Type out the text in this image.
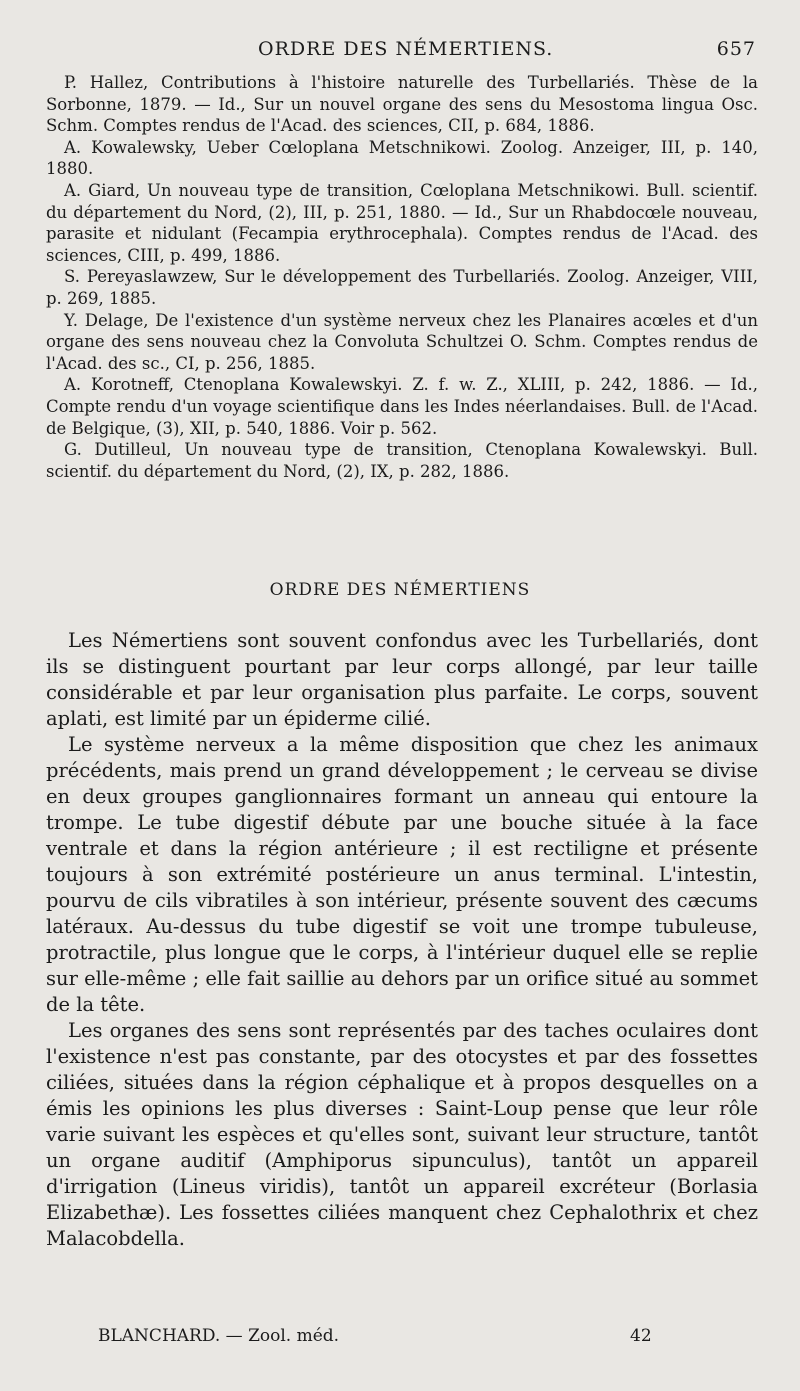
ORDRE DES NÉMERTIENS.	657

P. Hallez, Contributions à l'histoire naturelle des Turbellariés. Thèse de la Sorbonne, 1879. — Id., Sur un nouvel organe des sens du Mesostoma lingua Osc. Schm. Comptes rendus de l'Acad. des sciences, CII, p. 684, 1886.

A. Kowalewsky, Ueber Cœloplana Metschnikowi. Zoolog. Anzeiger, III, p. 140, 1880.

A. Giard, Un nouveau type de transition, Cœloplana Metschnikowi. Bull. scientif. du département du Nord, (2), III, p. 251, 1880. — Id., Sur un Rhabdocœle nouveau, parasite et nidulant (Fecampia erythrocephala). Comptes rendus de l'Acad. des sciences, CIII, p. 499, 1886.

S. Pereyaslawzew, Sur le développement des Turbellariés. Zoolog. Anzeiger, VIII, p. 269, 1885.

Y. Delage, De l'existence d'un système nerveux chez les Planaires acœles et d'un organe des sens nouveau chez la Convoluta Schultzei O. Schm. Comptes rendus de l'Acad. des sc., CI, p. 256, 1885.

A. Korotneff, Ctenoplana Kowalewskyi. Z. f. w. Z., XLIII, p. 242, 1886. — Id., Compte rendu d'un voyage scientifique dans les Indes néerlandaises. Bull. de l'Acad. de Belgique, (3), XII, p. 540, 1886. Voir p. 562.

G. Dutilleul, Un nouveau type de transition, Ctenoplana Kowalewskyi. Bull. scientif. du département du Nord, (2), IX, p. 282, 1886.

ORDRE DES NÉMERTIENS

Les Némertiens sont souvent confondus avec les Turbellariés, dont ils se distinguent pourtant par leur corps allongé, par leur taille considérable et par leur organisation plus parfaite. Le corps, souvent aplati, est limité par un épiderme cilié.

Le système nerveux a la même disposition que chez les animaux précédents, mais prend un grand développement ; le cerveau se divise en deux groupes ganglionnaires formant un anneau qui entoure la trompe. Le tube digestif débute par une bouche située à la face ventrale et dans la région antérieure ; il est rectiligne et présente toujours à son extrémité postérieure un anus terminal. L'intestin, pourvu de cils vibratiles à son intérieur, présente souvent des cæcums latéraux. Au-dessus du tube digestif se voit une trompe tubuleuse, protractile, plus longue que le corps, à l'intérieur duquel elle se replie sur elle-même ; elle fait saillie au dehors par un orifice situé au sommet de la tête.

Les organes des sens sont représentés par des taches oculaires dont l'existence n'est pas constante, par des otocystes et par des fossettes ciliées, situées dans la région céphalique et à propos desquelles on a émis les opinions les plus diverses : Saint-Loup pense que leur rôle varie suivant les espèces et qu'elles sont, suivant leur structure, tantôt un organe auditif (Amphiporus sipunculus), tantôt un appareil d'irrigation (Lineus viridis), tantôt un appareil excréteur (Borlasia Elizabethæ). Les fossettes ciliées manquent chez Cephalothrix et chez Malacobdella.

BLANCHARD. — Zool. méd.	42
